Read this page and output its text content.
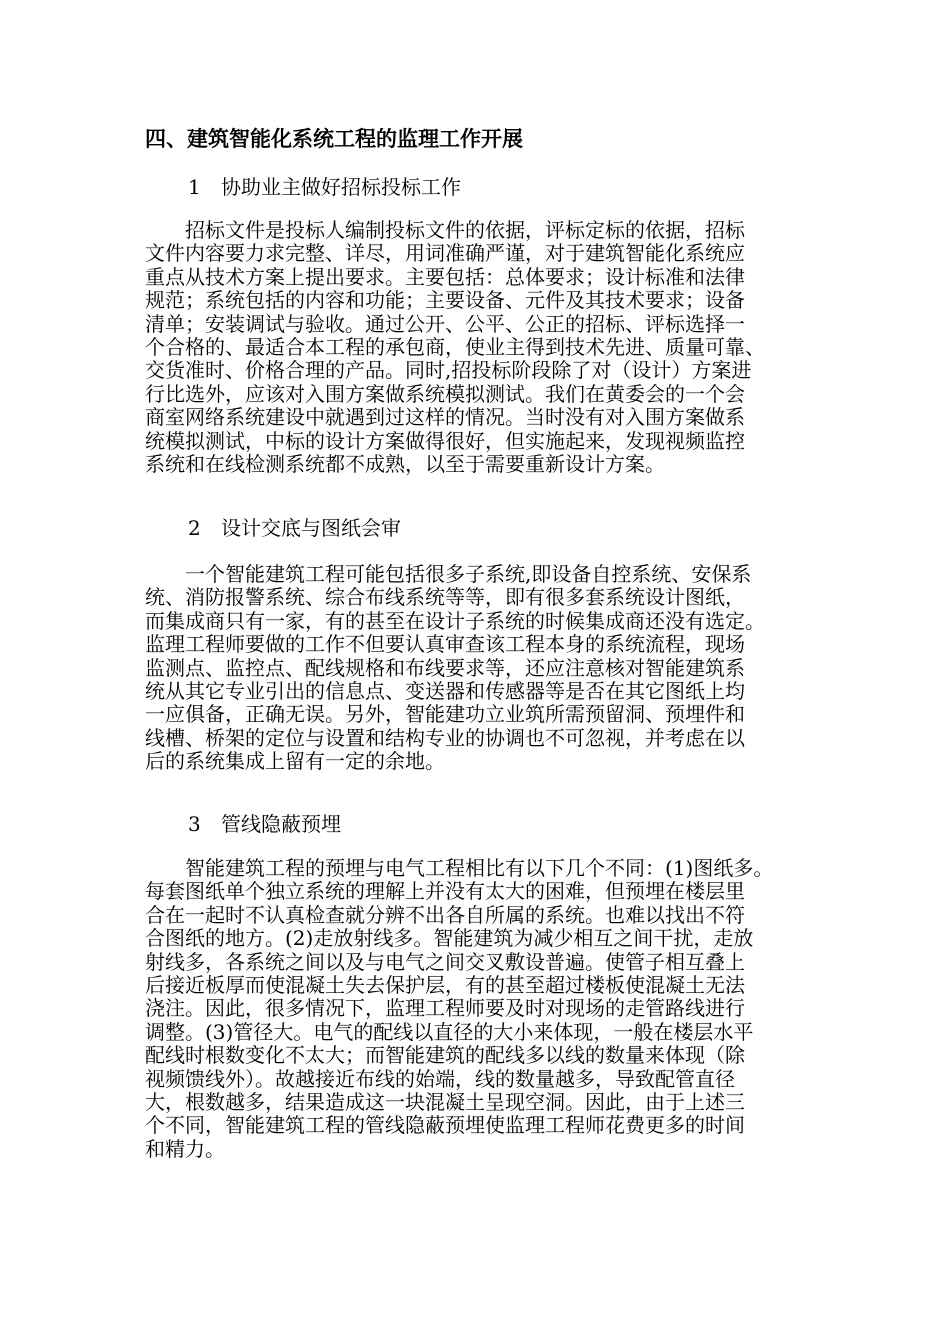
四、建筑智能化系统工程的监理工作开展
1 协助业主做好招标投标工作
　　招标文件是投标人编制投标文件的依据，评标定标的依据，招标
文件内容要力求完整、详尽，用词准确严谨，对于建筑智能化系统应
重点从技术方案上提出要求。主要包括：总体要求；设计标准和法律
规范；系统包括的内容和功能；主要设备、元件及其技术要求；设备
清单；安装调试与验收。通过公开、公平、公正的招标、评标选择一
个合格的、最适合本工程的承包商，使业主得到技术先进、质量可靠、
交货准时、价格合理的产品。同时,招投标阶段除了对（设计）方案进
行比选外，应该对入围方案做系统模拟测试。我们在黄委会的一个会
商室网络系统建设中就遇到过这样的情况。当时没有对入围方案做系
统模拟测试，中标的设计方案做得很好，但实施起来，发现视频监控
系统和在线检测系统都不成熟，以至于需要重新设计方案。
2 设计交底与图纸会审
　　一个智能建筑工程可能包括很多子系统,即设备自控系统、安保系
统、消防报警系统、综合布线系统等等，即有很多套系统设计图纸，
而集成商只有一家，有的甚至在设计子系统的时候集成商还没有选定。
监理工程师要做的工作不但要认真审查该工程本身的系统流程，现场
监测点、监控点、配线规格和布线要求等，还应注意核对智能建筑系
统从其它专业引出的信息点、变送器和传感器等是否在其它图纸上均
一应俱备，正确无误。另外，智能建功立业筑所需预留洞、预埋件和
线槽、桥架的定位与设置和结构专业的协调也不可忽视，并考虑在以
后的系统集成上留有一定的余地。
3 管线隐蔽预埋
　　智能建筑工程的预埋与电气工程相比有以下几个不同：(1)图纸多。
每套图纸单个独立系统的理解上并没有太大的困难，但预埋在楼层里
合在一起时不认真检查就分辨不出各自所属的系统。也难以找出不符
合图纸的地方。(2)走放射线多。智能建筑为减少相互之间干扰，走放
射线多，各系统之间以及与电气之间交叉敷设普遍。使管子相互叠上
后接近板厚而使混凝土失去保护层，有的甚至超过楼板使混凝土无法
浇注。因此，很多情况下，监理工程师要及时对现场的走管路线进行
调整。(3)管径大。电气的配线以直径的大小来体现，一般在楼层水平
配线时根数变化不太大；而智能建筑的配线多以线的数量来体现（除
视频馈线外）。故越接近布线的始端，线的数量越多，导致配管直径
大，根数越多，结果造成这一块混凝土呈现空洞。因此，由于上述三
个不同，智能建筑工程的管线隐蔽预埋使监理工程师花费更多的时间
和精力。
